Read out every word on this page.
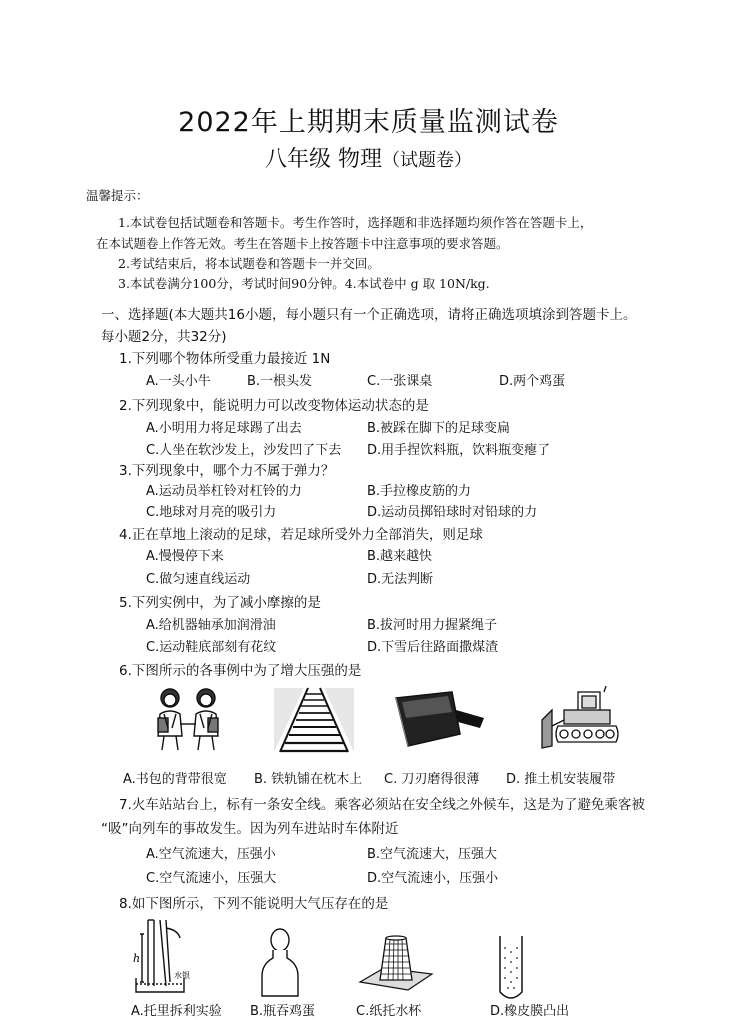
2022年上期期末质量监测试卷
八年级 物理（试题卷）
温馨提示：
1.本试卷包括试题卷和答题卡。考生作答时，选择题和非选择题均须作答在答题卡上，
在本试题卷上作答无效。考生在答题卡上按答题卡中注意事项的要求答题。
2.考试结束后，将本试题卷和答题卡一并交回。
3.本试卷满分100分，考试时间90分钟。4.本试卷中 g 取 10N/kg.
一、选择题(本大题共16小题，每小题只有一个正确选项，请将正确选项填涂到答题卡上。
每小题2分，共32分)
1.下列哪个物体所受重力最接近 1N
A.一头小牛	B.一根头发	C.一张课桌	D.两个鸡蛋
2.下列现象中，能说明力可以改变物体运动状态的是
A.小明用力将足球踢了出去	B.被踩在脚下的足球变扁
C.人坐在软沙发上，沙发凹了下去 D.用手捏饮料瓶，饮料瓶变瘪了
3.下列现象中，哪个力不属于弹力？
A.运动员举杠铃对杠铃的力	B.手拉橡皮筋的力
C.地球对月亮的吸引力	D.运动员掷铅球时对铅球的力
4.正在草地上滚动的足球，若足球所受外力全部消失，则足球
A.慢慢停下来	B.越来越快
C.做匀速直线运动	D.无法判断
5.下列实例中，为了减小摩擦的是
A.给机器轴承加润滑油	B.拔河时用力握紧绳子
C.运动鞋底部刻有花纹	D.下雪后往路面撒煤渣
6.下图所示的各事例中为了增大压强的是
A.书包的背带很宽 B. 铁轨铺在枕木上 C. 刀刃磨得很薄 D. 推土机安装履带
7.火车站站台上，标有一条安全线。乘客必须站在安全线之外候车，这是为了避免乘客被
“吸”向列车的事故发生。因为列车进站时车体附近
A.空气流速大，压强小	B.空气流速大，压强大
C.空气流速小，压强大	D.空气流速小，压强小
8.如下图所示，下列不能说明大气压存在的是
h
水银
A.托里拆利实验 B.瓶吞鸡蛋	C.纸托水杯	D.橡皮膜凸出
